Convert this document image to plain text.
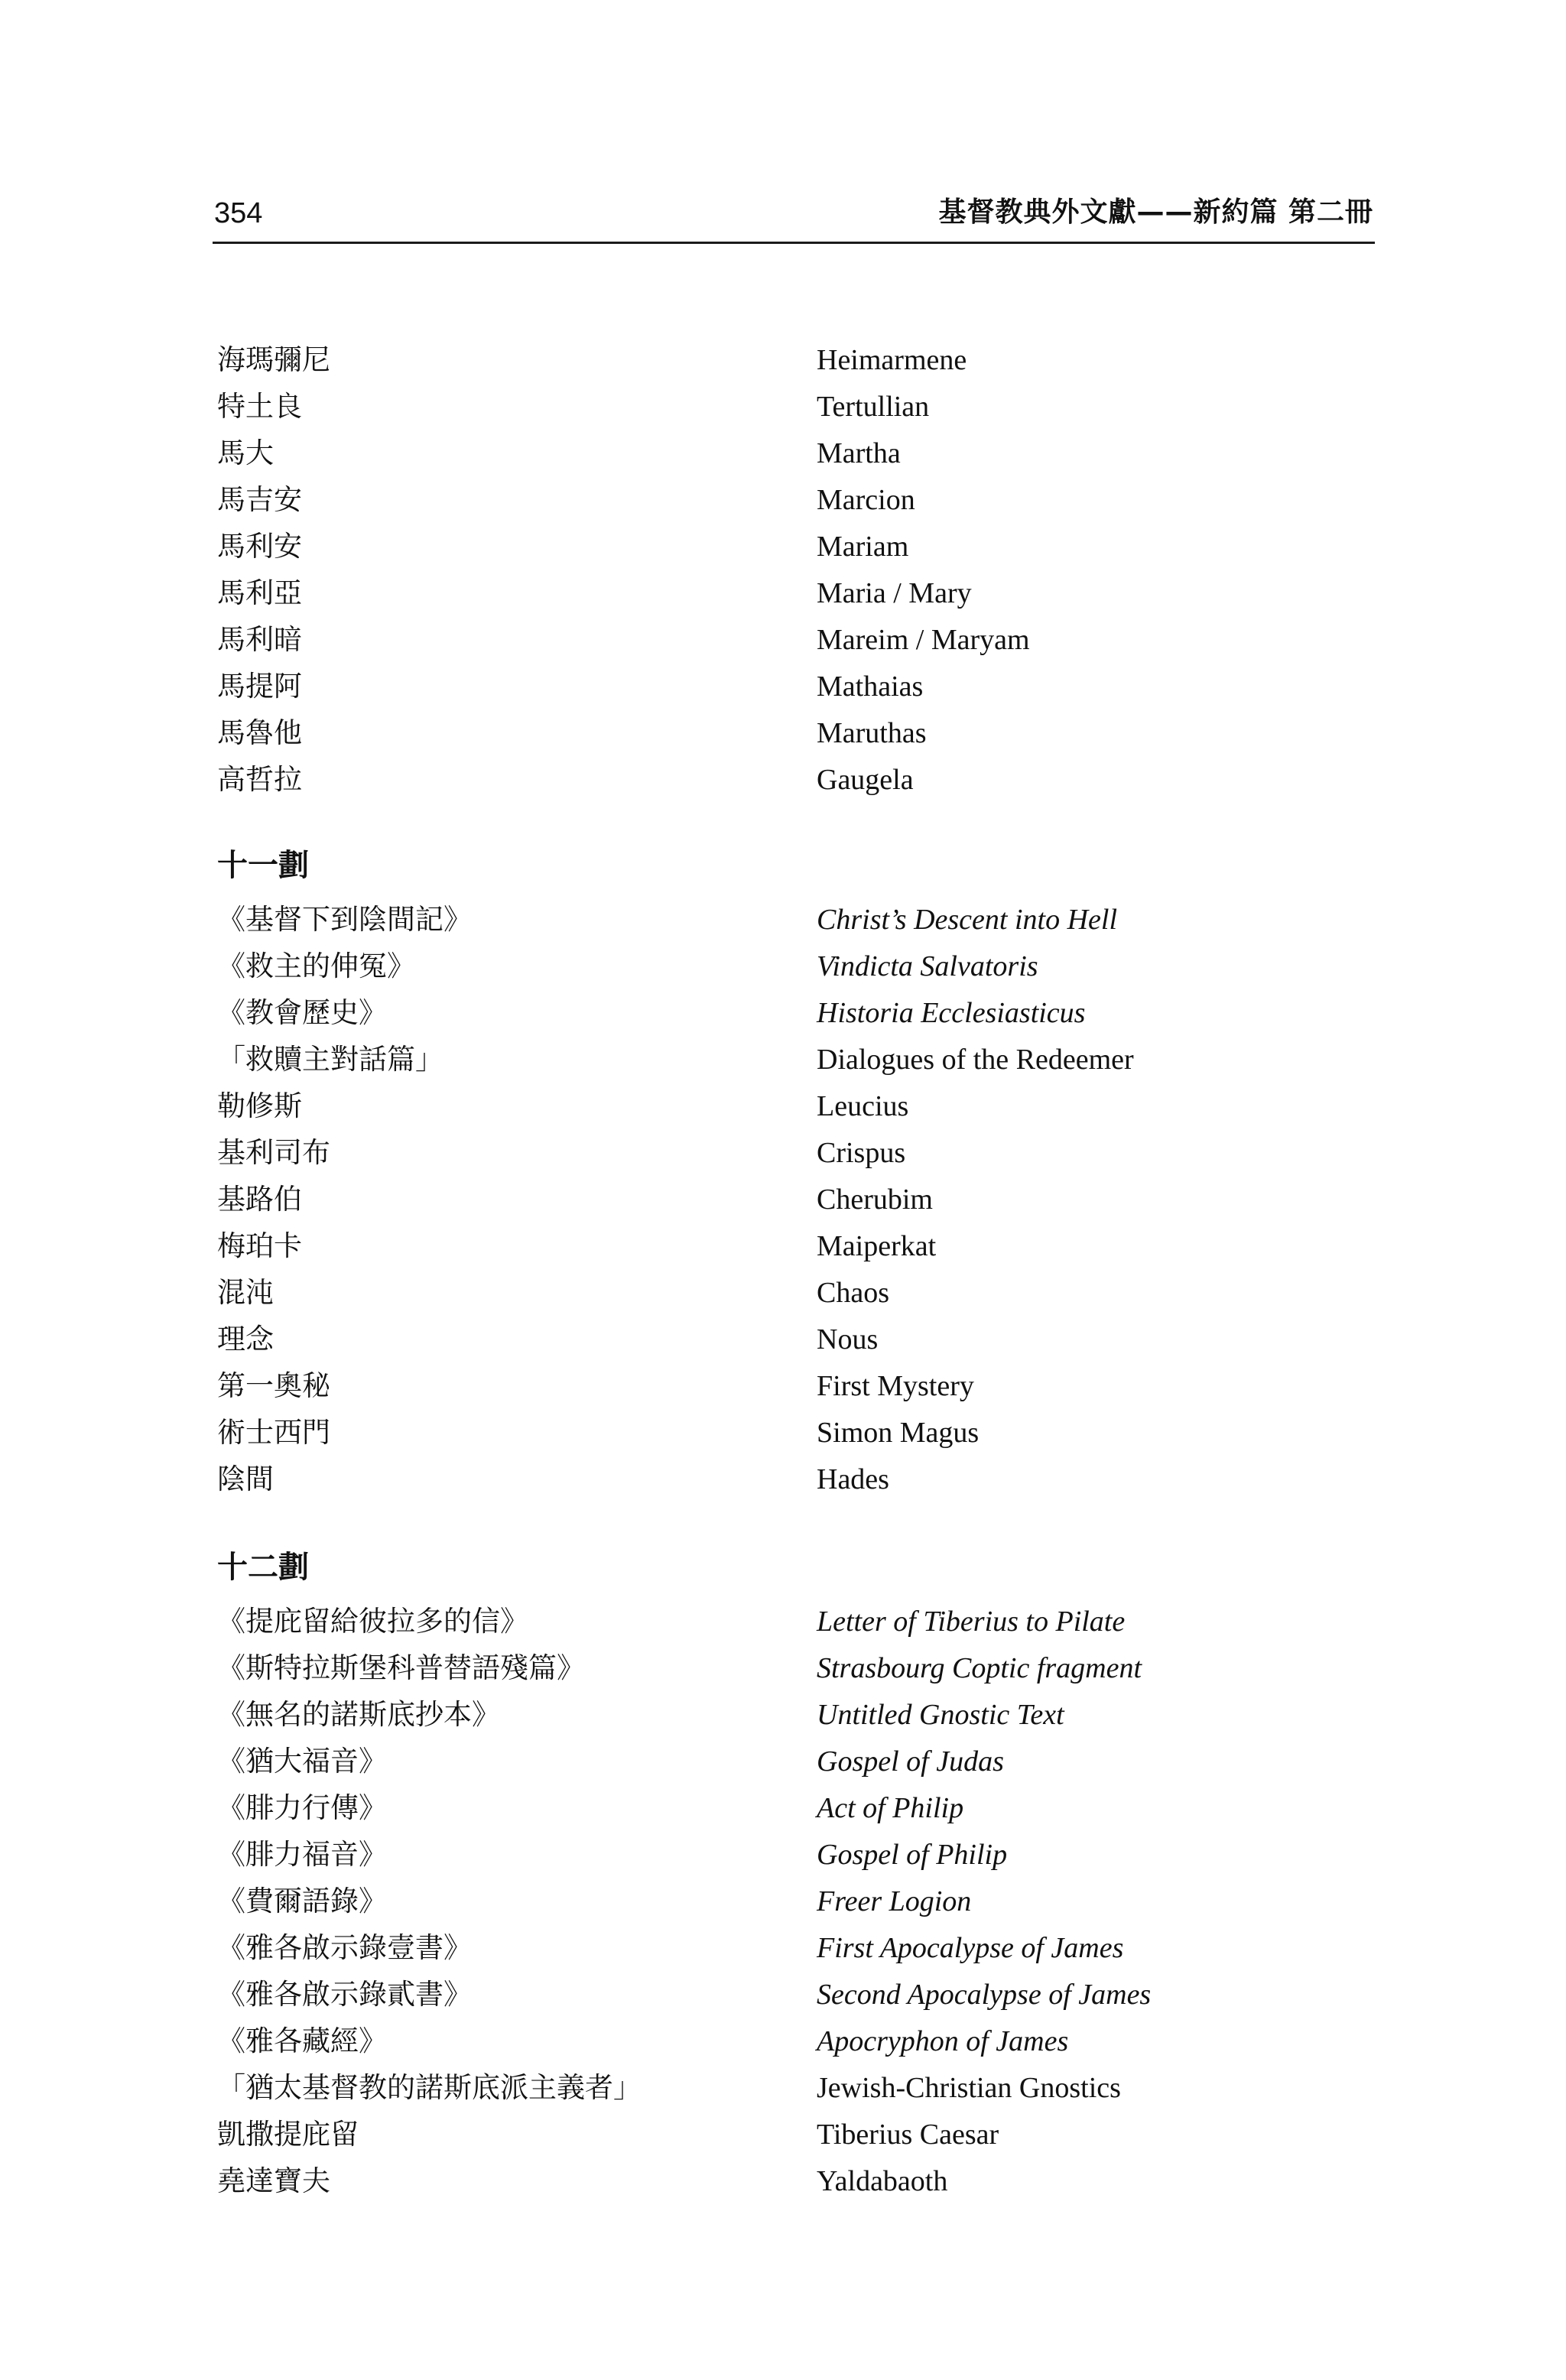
354	基督教典外文獻——新約篇 第二冊
海瑪彌尼	Heimarmene
特土良	Tertullian
馬大	Martha
馬吉安	Marcion
馬利安	Mariam
馬利亞	Maria / Mary
馬利暗	Mareim / Maryam
馬提阿	Mathaias
馬魯他	Maruthas
高哲拉	Gaugela
十一劃
《基督下到陰間記》	Christ’s Descent into Hell
《救主的伸冤》	Vindicta Salvatoris
《教會歷史》	Historia Ecclesiasticus
「救贖主對話篇」	Dialogues of the Redeemer
勒修斯	Leucius
基利司布	Crispus
基路伯	Cherubim
梅珀卡	Maiperkat
混沌	Chaos
理念	Nous
第一奧秘	First Mystery
術士西門	Simon Magus
陰間	Hades
十二劃
《提庇留給彼拉多的信》	Letter of Tiberius to Pilate
《斯特拉斯堡科普替語殘篇》	Strasbourg Coptic fragment
《無名的諾斯底抄本》	Untitled Gnostic Text
《猶大福音》	Gospel of Judas
《腓力行傳》	Act of Philip
《腓力福音》	Gospel of Philip
《費爾語錄》	Freer Logion
《雅各啟示錄壹書》	First Apocalypse of James
《雅各啟示錄貳書》	Second Apocalypse of James
《雅各藏經》	Apocryphon of James
「猶太基督教的諾斯底派主義者」	Jewish-Christian Gnostics
凱撒提庇留	Tiberius Caesar
堯達寶夫	Yaldabaoth
